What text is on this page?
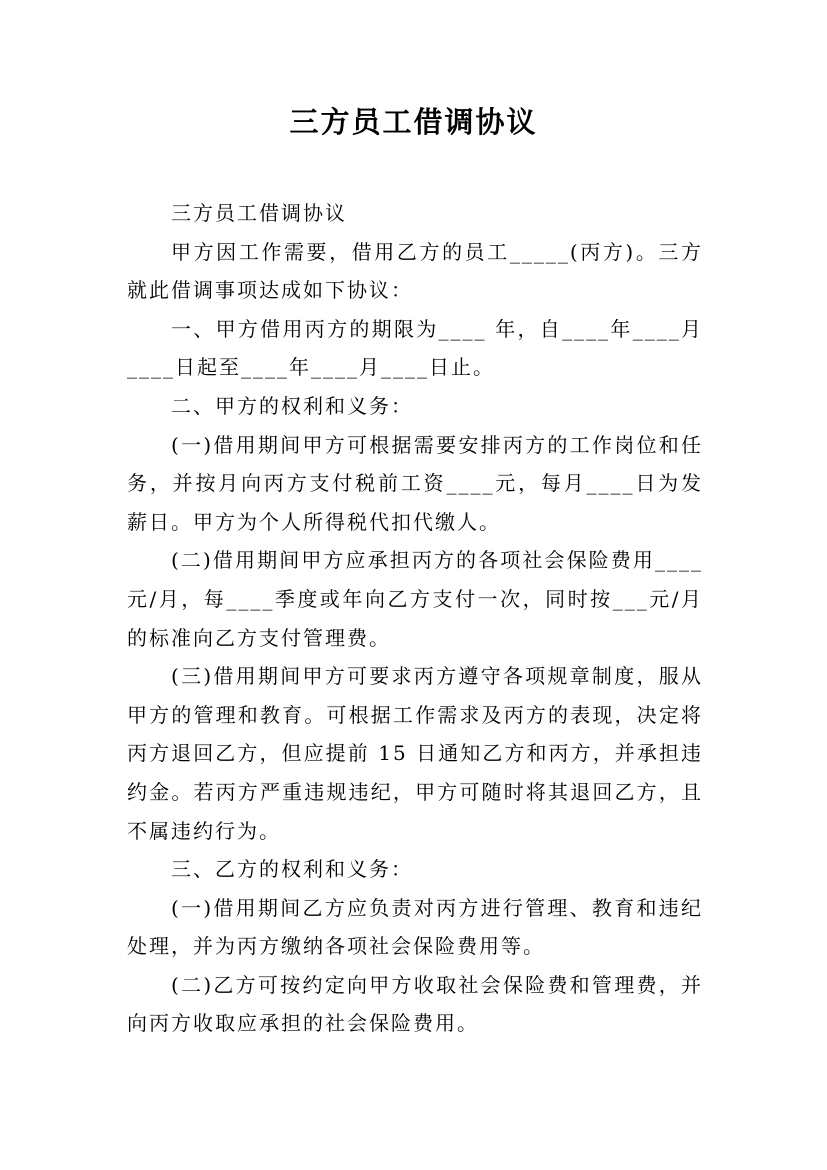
三方员工借调协议

三方员工借调协议

甲方因工作需要，借用乙方的员工_____(丙方)。三方就此借调事项达成如下协议：

一、甲方借用丙方的期限为____ 年，自____年____月____日起至____年____月____日止。

二、甲方的权利和义务：

(一)借用期间甲方可根据需要安排丙方的工作岗位和任务，并按月向丙方支付税前工资____元，每月____日为发薪日。甲方为个人所得税代扣代缴人。

(二)借用期间甲方应承担丙方的各项社会保险费用____元/月，每____季度或年向乙方支付一次，同时按___元/月的标准向乙方支付管理费。

(三)借用期间甲方可要求丙方遵守各项规章制度，服从甲方的管理和教育。可根据工作需求及丙方的表现，决定将丙方退回乙方，但应提前 15 日通知乙方和丙方，并承担违约金。若丙方严重违规违纪，甲方可随时将其退回乙方，且不属违约行为。

三、乙方的权利和义务：

(一)借用期间乙方应负责对丙方进行管理、教育和违纪处理，并为丙方缴纳各项社会保险费用等。

(二)乙方可按约定向甲方收取社会保险费和管理费，并向丙方收取应承担的社会保险费用。
